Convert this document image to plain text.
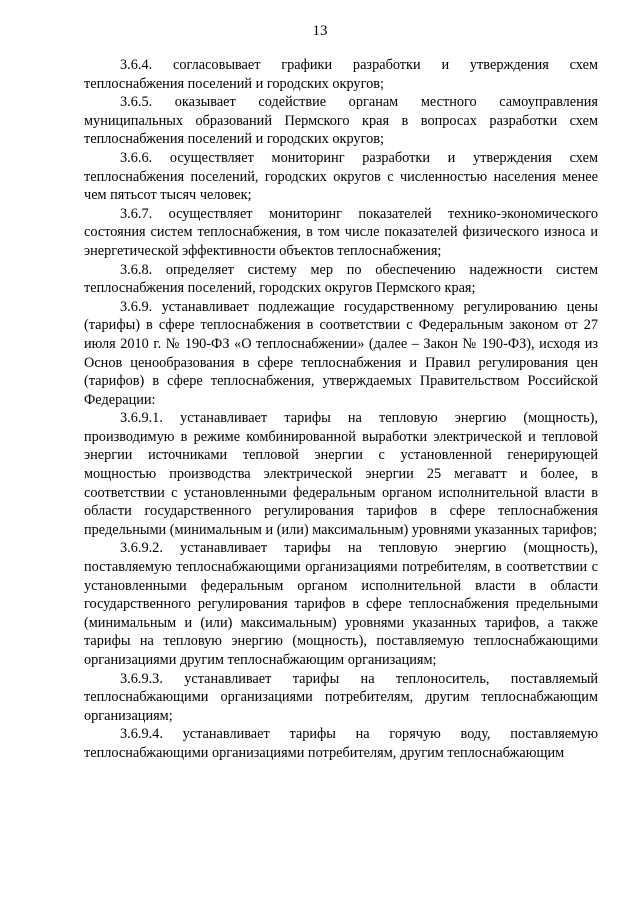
13

3.6.4. согласовывает графики разработки и утверждения схем теплоснабжения поселений и городских округов;

3.6.5. оказывает содействие органам местного самоуправления муниципальных образований Пермского края в вопросах разработки схем теплоснабжения поселений и городских округов;

3.6.6. осуществляет мониторинг разработки и утверждения схем теплоснабжения поселений, городских округов с численностью населения менее чем пятьсот тысяч человек;

3.6.7. осуществляет мониторинг показателей технико-экономического состояния систем теплоснабжения, в том числе показателей физического износа и энергетической эффективности объектов теплоснабжения;

3.6.8. определяет систему мер по обеспечению надежности систем теплоснабжения поселений, городских округов Пермского края;

3.6.9. устанавливает подлежащие государственному регулированию цены (тарифы) в сфере теплоснабжения в соответствии с Федеральным законом от 27 июля 2010 г. № 190-ФЗ «О теплоснабжении» (далее – Закон № 190-ФЗ), исходя из Основ ценообразования в сфере теплоснабжения и Правил регулирования цен (тарифов) в сфере теплоснабжения, утверждаемых Правительством Российской Федерации:

3.6.9.1. устанавливает тарифы на тепловую энергию (мощность), производимую в режиме комбинированной выработки электрической и тепловой энергии источниками тепловой энергии с установленной генерирующей мощностью производства электрической энергии 25 мегаватт и более, в соответствии с установленными федеральным органом исполнительной власти в области государственного регулирования тарифов в сфере теплоснабжения предельными (минимальным и (или) максимальным) уровнями указанных тарифов;

3.6.9.2. устанавливает тарифы на тепловую энергию (мощность), поставляемую теплоснабжающими организациями потребителям, в соответствии с установленными федеральным органом исполнительной власти в области государственного регулирования тарифов в сфере теплоснабжения предельными (минимальным и (или) максимальным) уровнями указанных тарифов, а также тарифы на тепловую энергию (мощность), поставляемую теплоснабжающими организациями другим теплоснабжающим организациям;

3.6.9.3. устанавливает тарифы на теплоноситель, поставляемый теплоснабжающими организациями потребителям, другим теплоснабжающим организациям;

3.6.9.4. устанавливает тарифы на горячую воду, поставляемую теплоснабжающими организациями потребителям, другим теплоснабжающим
